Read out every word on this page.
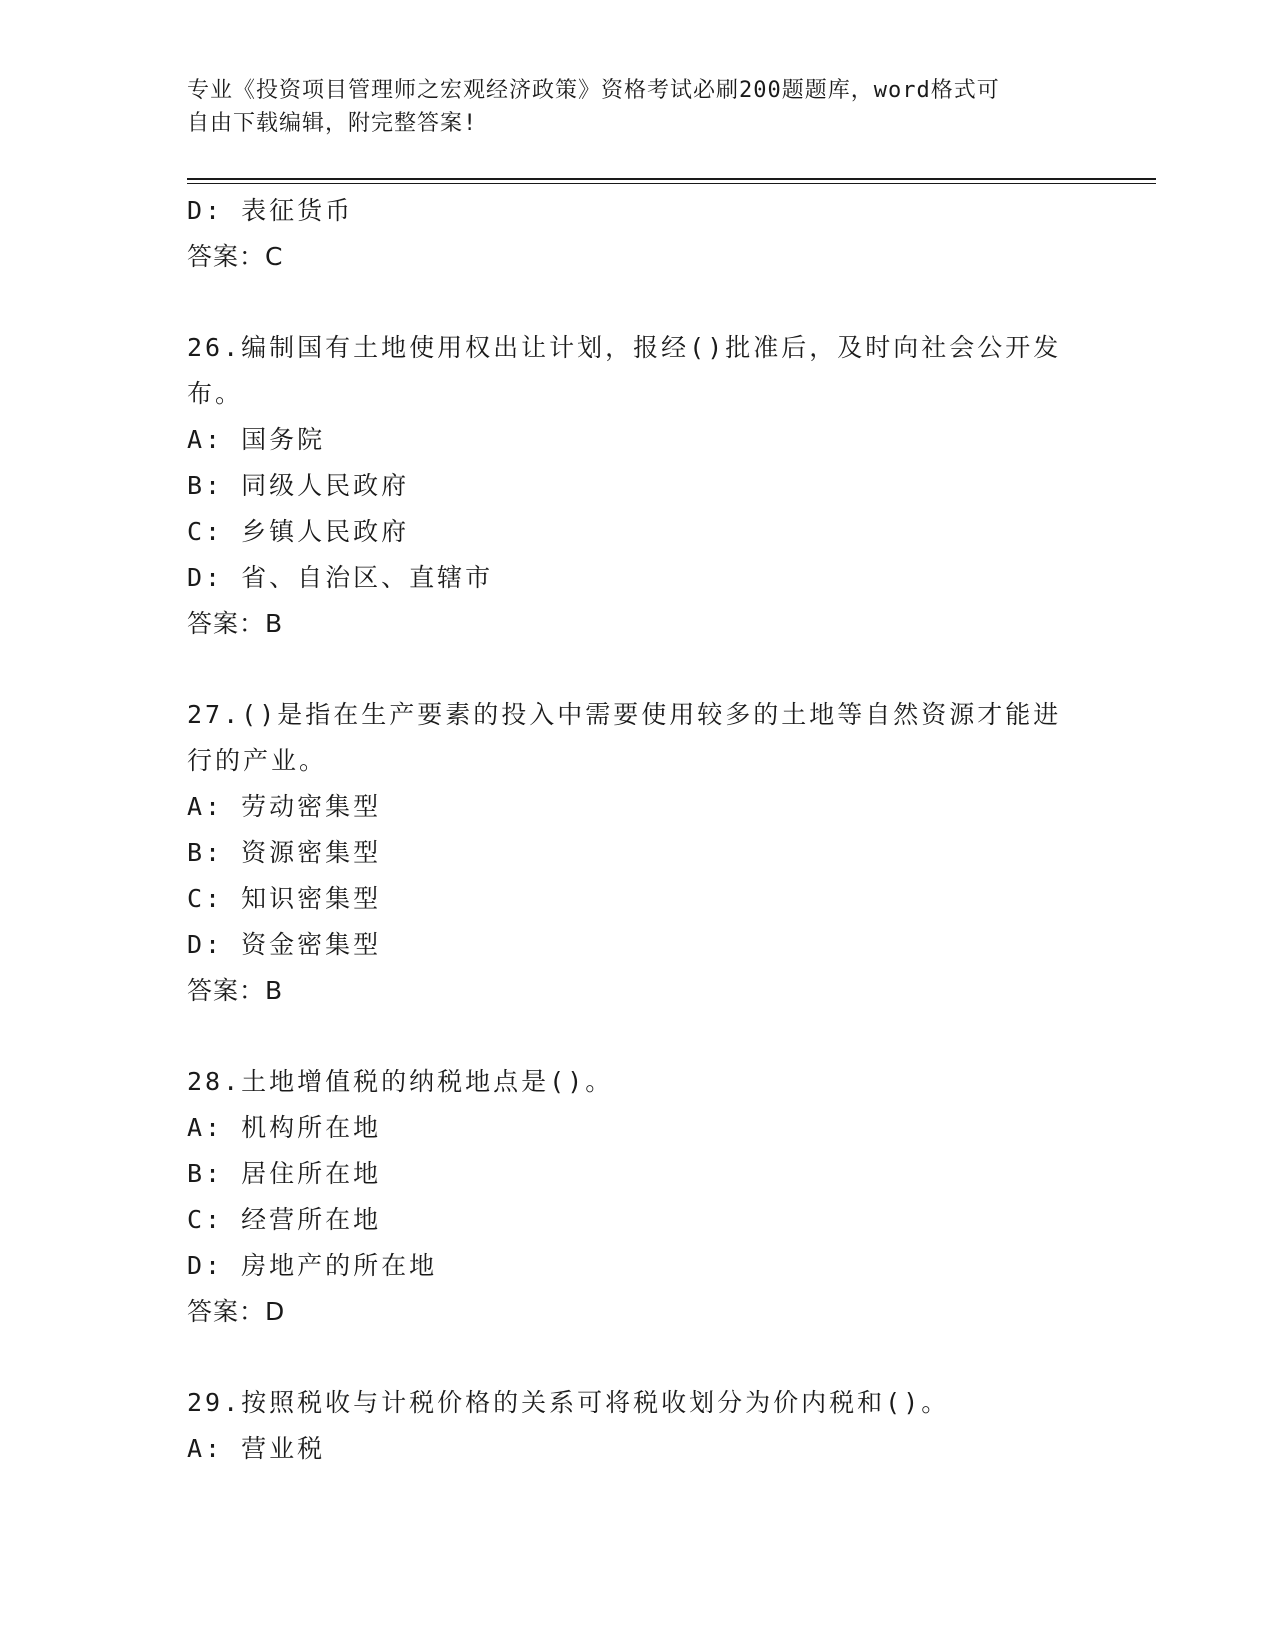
专业《投资项目管理师之宏观经济政策》资格考试必刷200题题库，word格式可
自由下载编辑，附完整答案!
D: 表征货币
答案：C
26.编制国有土地使用权出让计划，报经()批准后，及时向社会公开发
布。
A: 国务院
B: 同级人民政府
C: 乡镇人民政府
D: 省、自治区、直辖市
答案：B
27.()是指在生产要素的投入中需要使用较多的土地等自然资源才能进
行的产业。
A: 劳动密集型
B: 资源密集型
C: 知识密集型
D: 资金密集型
答案：B
28.土地增值税的纳税地点是()。
A: 机构所在地
B: 居住所在地
C: 经营所在地
D: 房地产的所在地
答案：D
29.按照税收与计税价格的关系可将税收划分为价内税和()。
A: 营业税
